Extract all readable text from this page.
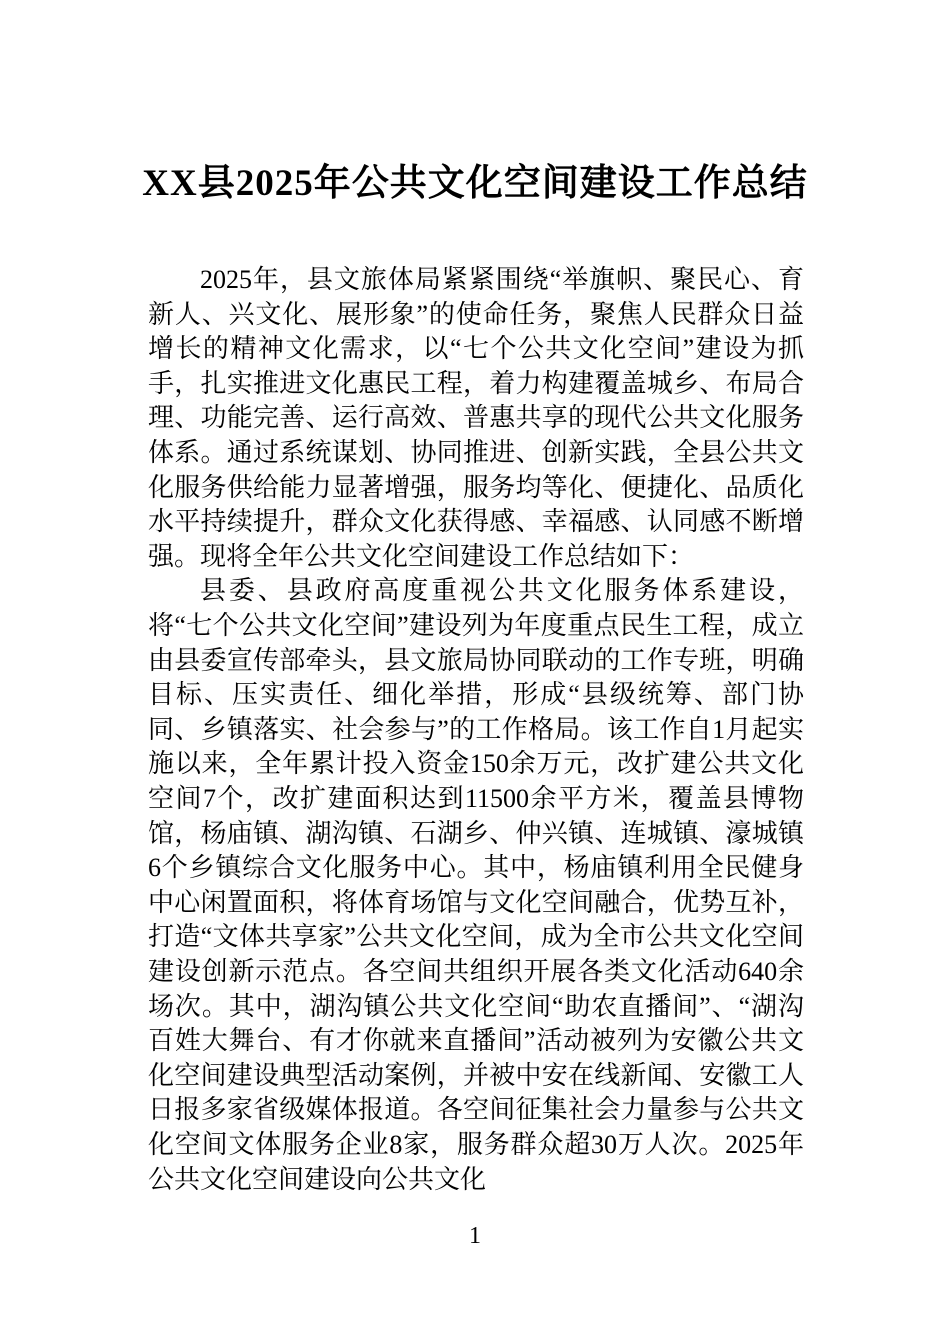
XX县2025年公共文化空间建设工作总结

2025年，县文旅体局紧紧围绕“举旗帜、聚民心、育新人、兴文化、展形象”的使命任务，聚焦人民群众日益增长的精神文化需求，以“七个公共文化空间”建设为抓手，扎实推进文化惠民工程，着力构建覆盖城乡、布局合理、功能完善、运行高效、普惠共享的现代公共文化服务体系。通过系统谋划、协同推进、创新实践，全县公共文化服务供给能力显著增强，服务均等化、便捷化、品质化水平持续提升，群众文化获得感、幸福感、认同感不断增强。现将全年公共文化空间建设工作总结如下：

县委、县政府高度重视公共文化服务体系建设，将“七个公共文化空间”建设列为年度重点民生工程，成立由县委宣传部牵头，县文旅局协同联动的工作专班，明确目标、压实责任、细化举措，形成“县级统筹、部门协同、乡镇落实、社会参与”的工作格局。该工作自1月起实施以来，全年累计投入资金150余万元，改扩建公共文化空间7个，改扩建面积达到11500余平方米，覆盖县博物馆，杨庙镇、湖沟镇、石湖乡、仲兴镇、连城镇、濠城镇6个乡镇综合文化服务中心。其中，杨庙镇利用全民健身中心闲置面积，将体育场馆与文化空间融合，优势互补，打造“文体共享家”公共文化空间，成为全市公共文化空间建设创新示范点。各空间共组织开展各类文化活动640余场次。其中，湖沟镇公共文化空间“助农直播间”、“湖沟百姓大舞台、有才你就来直播间”活动被列为安徽公共文化空间建设典型活动案例，并被中安在线新闻、安徽工人日报多家省级媒体报道。各空间征集社会力量参与公共文化空间文体服务企业8家，服务群众超30万人次。2025年公共文化空间建设向公共文化

1
